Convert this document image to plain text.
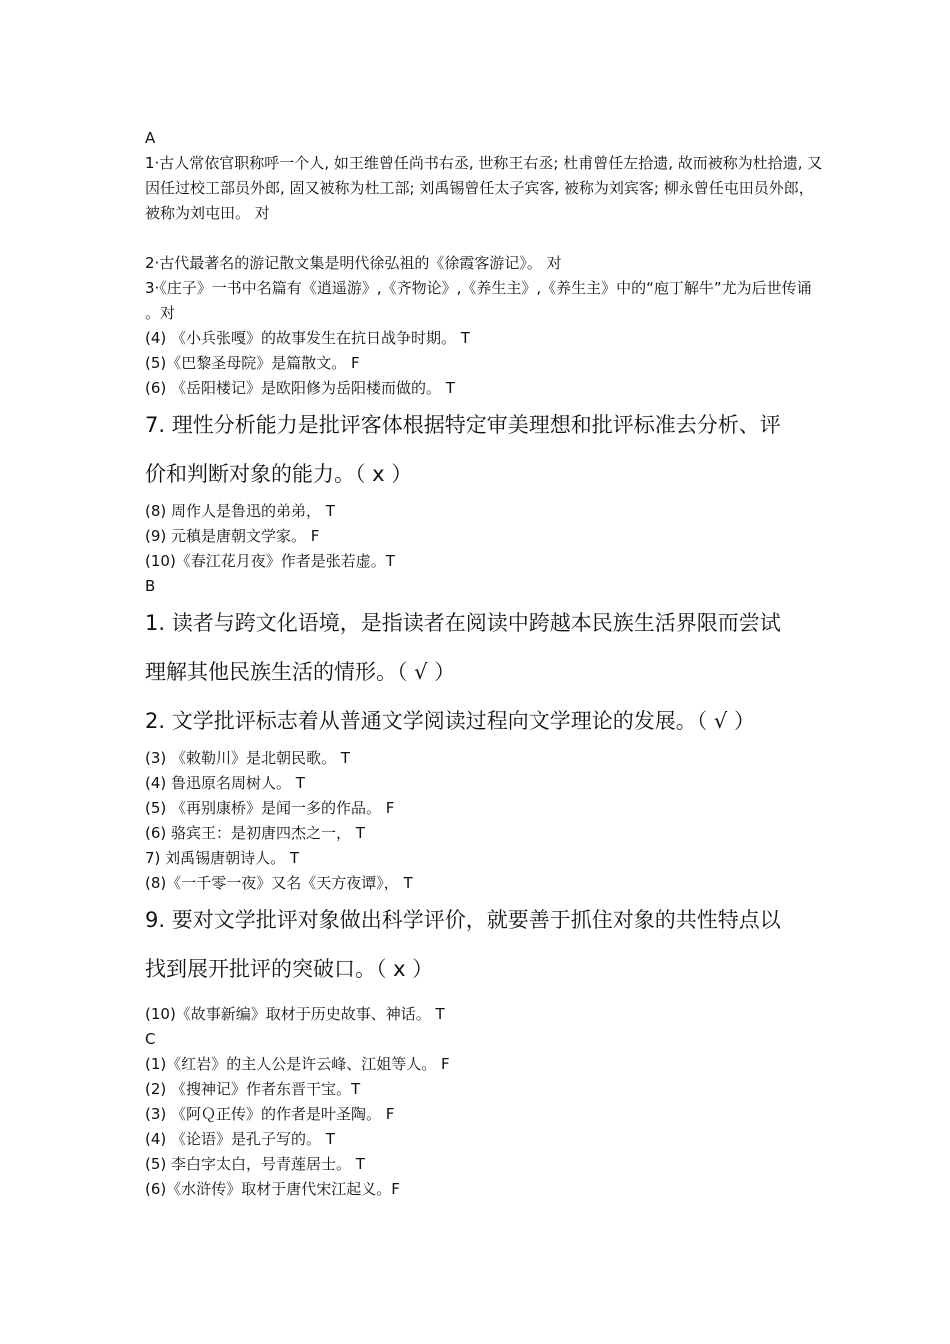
A
1·古人常依官职称呼一个人, 如王维曾任尚书右丞, 世称王右丞; 杜甫曾任左拾遗, 故而被称为杜拾遗, 又因任过校工部员外郎, 固又被称为杜工部; 刘禹锡曾任太子宾客, 被称为刘宾客; 柳永曾任屯田员外郎，被称为刘屯田。 对
2·古代最著名的游记散文集是明代徐弘祖的《徐霞客游记》。 对
3·《庄子》一书中名篇有《逍遥游》,《齐物论》,《养生主》,《养生主》中的“庖丁解牛”尤为后世传诵。对
(4) 《小兵张嘎》的故事发生在抗日战争时期。 T
(5)《巴黎圣母院》是篇散文。 F
(6) 《岳阳楼记》是欧阳修为岳阳楼而做的。 T
7. 理性分析能力是批评客体根据特定审美理想和批评标准去分析、评
价和判断对象的能力。（ x ）
(8) 周作人是鲁迅的弟弟， T
(9) 元稹是唐朝文学家。 F
(10)《春江花月夜》作者是张若虚。T
B
1. 读者与跨文化语境，是指读者在阅读中跨越本民族生活界限而尝试
理解其他民族生活的情形。（ √ ）
2. 文学批评标志着从普通文学阅读过程向文学理论的发展。（ √ ）
(3) 《敕勒川》是北朝民歌。 T
(4) 鲁迅原名周树人。 T
(5) 《再别康桥》是闻一多的作品。 F
(6) 骆宾王：是初唐四杰之一， T
7) 刘禹锡唐朝诗人。 T
(8)《一千零一夜》又名《天方夜谭》， T
9. 要对文学批评对象做出科学评价，就要善于抓住对象的共性特点以
找到展开批评的突破口。（ x ）
(10)《故事新编》取材于历史故事、神话。 T
C
(1)《红岩》的主人公是许云峰、江姐等人。 F
(2) 《搜神记》作者东晋干宝。T
(3) 《阿Ｑ正传》的作者是叶圣陶。 F
(4) 《论语》是孔子写的。 T
(5) 李白字太白，号青莲居士。 T
(6)《水浒传》取材于唐代宋江起义。F
